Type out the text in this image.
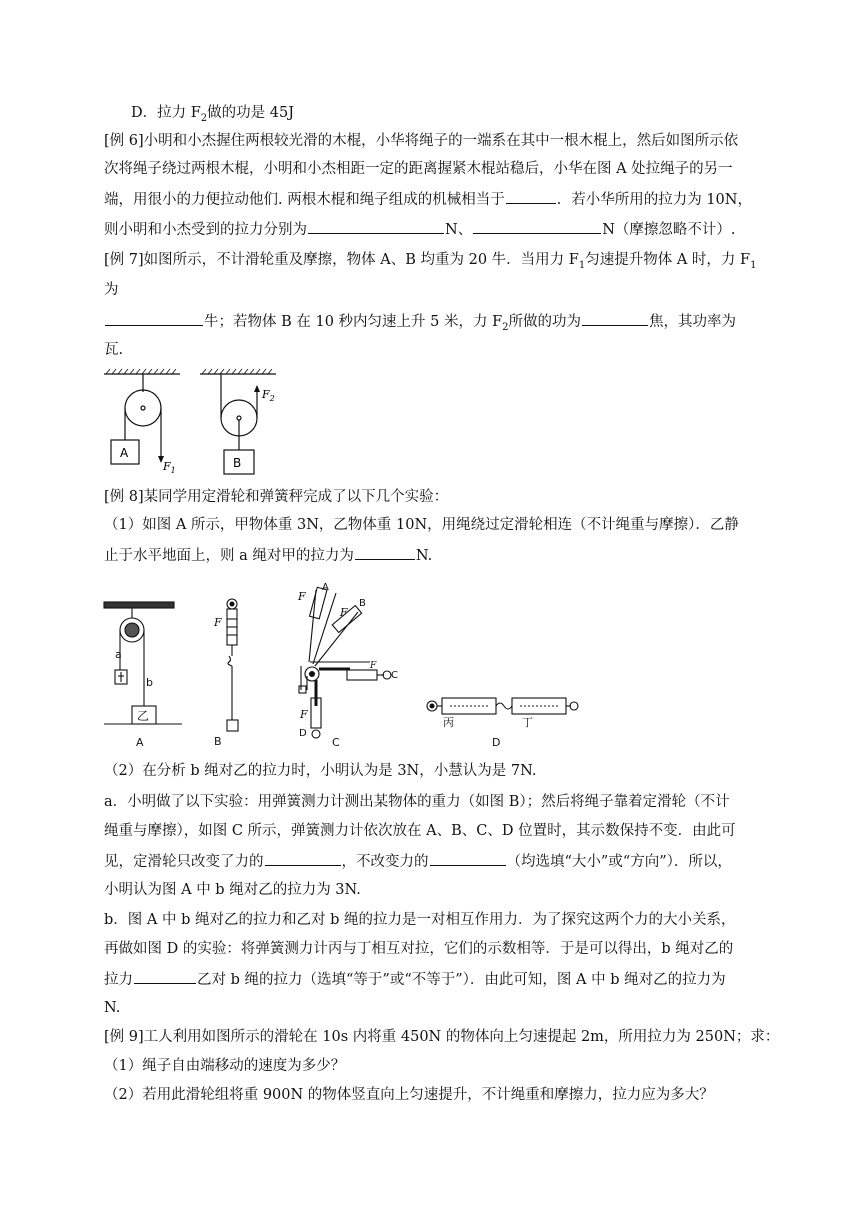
D．拉力 $F_2$做的功是 45J
[例 6]小明和小杰握住两根较光滑的木棍，小华将绳子的一端系在其中一根木棍上，然后如图所示依
次将绳子绕过两根木棍，小明和小杰相距一定的距离握紧木棍站稳后，小华在图 A 处拉绳子的另一
端，用很小的力便拉动他们. 两根木棍和绳子组成的机械相当于	．若小华所用的拉力为 10N，
则小明和小杰受到的拉力分别为	N、	N（摩擦忽略不计）.
[例 7]如图所示，不计滑轮重及摩擦，物体 A、B 均重为 20 牛．当用力 $F_1$匀速提升物体 A 时，力 $F_1$
为
牛；若物体 B 在 10 秒内匀速上升 5 米，力 $F_2$所做的功为	焦，其功率为
瓦.
A
B
$F_1$
$F_2$
[例 8]某同学用定滑轮和弹簧秤完成了以下几个实验：
（1）如图 A 所示，甲物体重 3N，乙物体重 10N，用绳绕过定滑轮相连（不计绳重与摩擦）．乙静
止于水平地面上，则 a 绳对甲的拉力为	N.
a
b
乙
A
F
B
F
A
F
B
F
C
F
D
C
丙	丁
D
（2）在分析 b 绳对乙的拉力时，小明认为是 3N，小慧认为是 7N.
a．小明做了以下实验：用弹簧测力计测出某物体的重力（如图 B）；然后将绳子靠着定滑轮（不计
绳重与摩擦），如图 C 所示，弹簧测力计依次放在 A、B、C、D 位置时，其示数保持不变．由此可
见，定滑轮只改变了力的	，不改变力的	（均选填“大小”或“方向”）．所以，
小明认为图 A 中 b 绳对乙的拉力为 3N.
b．图 A 中 b 绳对乙的拉力和乙对 b 绳的拉力是一对相互作用力．为了探究这两个力的大小关系，
再做如图 D 的实验：将弹簧测力计丙与丁相互对拉，它们的示数相等．于是可以得出，b 绳对乙的
拉力	乙对 b 绳的拉力（选填“等于”或“不等于”）．由此可知，图 A 中 b 绳对乙的拉力为
N.
[例 9]工人利用如图所示的滑轮在 10s 内将重 450N 的物体向上匀速提起 2m，所用拉力为 250N；求：
（1）绳子自由端移动的速度为多少？
（2）若用此滑轮组将重 900N 的物体竖直向上匀速提升，不计绳重和摩擦力，拉力应为多大？
